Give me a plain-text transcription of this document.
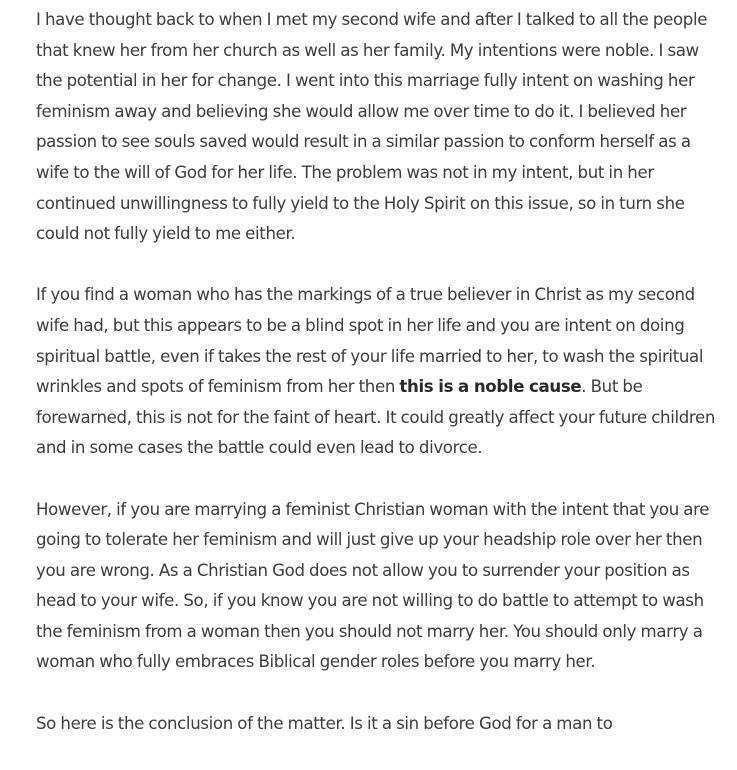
I have thought back to when I met my second wife and after I talked to all the people that knew her from her church as well as her family. My intentions were noble. I saw the potential in her for change. I went into this marriage fully intent on washing her feminism away and believing she would allow me over time to do it. I believed her passion to see souls saved would result in a similar passion to conform herself as a wife to the will of God for her life. The problem was not in my intent, but in her continued unwillingness to fully yield to the Holy Spirit on this issue, so in turn she could not fully yield to me either.

If you find a woman who has the markings of a true believer in Christ as my second wife had, but this appears to be a blind spot in her life and you are intent on doing spiritual battle, even if takes the rest of your life married to her, to wash the spiritual wrinkles and spots of feminism from her then this is a noble cause. But be forewarned, this is not for the faint of heart. It could greatly affect your future children and in some cases the battle could even lead to divorce.

However, if you are marrying a feminist Christian woman with the intent that you are going to tolerate her feminism and will just give up your headship role over her then you are wrong. As a Christian God does not allow you to surrender your position as head to your wife. So, if you know you are not willing to do battle to attempt to wash the feminism from a woman then you should not marry her. You should only marry a woman who fully embraces Biblical gender roles before you marry her.

So here is the conclusion of the matter. Is it a sin before God for a man to
